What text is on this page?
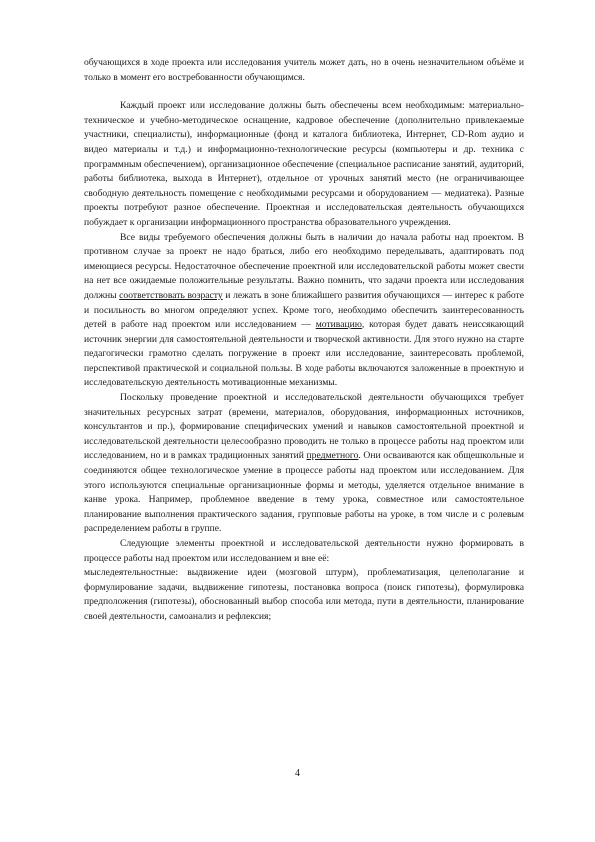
обучающихся в ходе проекта или исследования учитель может дать, но в очень незначительном объёме и только в момент его востребованности обучающимся.

Каждый проект или исследование должны быть обеспечены всем необходимым: материально-техническое и учебно-методическое оснащение, кадровое обеспечение (дополнительно привлекаемые участники, специалисты), информационные (фонд и каталога библиотека, Интернет, CD-Rom аудио и видео материалы и т.д.) и информационно-технологические ресурсы (компьютеры и др. техника с программным обеспечением), организационное обеспечение (специальное расписание занятий, аудиторий, работы библиотека, выхода в Интернет), отдельное от урочных занятий место (не ограничивающее свободную деятельность помещение с необходимыми ресурсами и оборудованием — медиатека). Разные проекты потребуют разное обеспечение. Проектная и исследовательская деятельность обучающихся побуждает к организации информационного пространства образовательного учреждения.

Все виды требуемого обеспечения должны быть в наличии до начала работы над проектом. В противном случае за проект не надо браться, либо его необходимо переделывать, адаптировать под имеющиеся ресурсы. Недостаточное обеспечение проектной или исследовательской работы может свести на нет все ожидаемые положительные результаты. Важно помнить, что задачи проекта или исследования должны соответствовать возрасту и лежать в зоне ближайшего развития обучающихся — интерес к работе и посильность во многом определяют успех. Кроме того, необходимо обеспечить заинтересованность детей в работе над проектом или исследованием — мотивацию, которая будет давать неиссякающий источник энергии для самостоятельной деятельности и творческой активности. Для этого нужно на старте педагогически грамотно сделать погружение в проект или исследование, заинтересовать проблемой, перспективой практической и социальной пользы. В ходе работы включаются заложенные в проектную и исследовательскую деятельность мотивационные механизмы.

Поскольку проведение проектной и исследовательской деятельности обучающихся требует значительных ресурсных затрат (времени, материалов, оборудования, информационных источников, консультантов и пр.), формирование специфических умений и навыков самостоятельной проектной и исследовательской деятельности целесообразно проводить не только в процессе работы над проектом или исследованием, но и в рамках традиционных занятий предметного. Они осваиваются как общешкольные и соединяются общее технологическое умение в процессе работы над проектом или исследованием. Для этого используются специальные организационные формы и методы, уделяется отдельное внимание в канве урока. Например, проблемное введение в тему урока, совместное или самостоятельное планирование выполнения практического задания, групповые работы на уроке, в том числе и с ролевым распределением работы в группе.

Следующие элементы проектной и исследовательской деятельности нужно формировать в процессе работы над проектом или исследованием и вне её:

мыследеятельностные: выдвижение идеи (мозговой штурм), проблематизация, целеполагание и формулирование задачи, выдвижение гипотезы, постановка вопроса (поиск гипотезы), формулировка предположения (гипотезы), обоснованный выбор способа или метода, пути в деятельности, планирование своей деятельности, самоанализ и рефлексия;

4
